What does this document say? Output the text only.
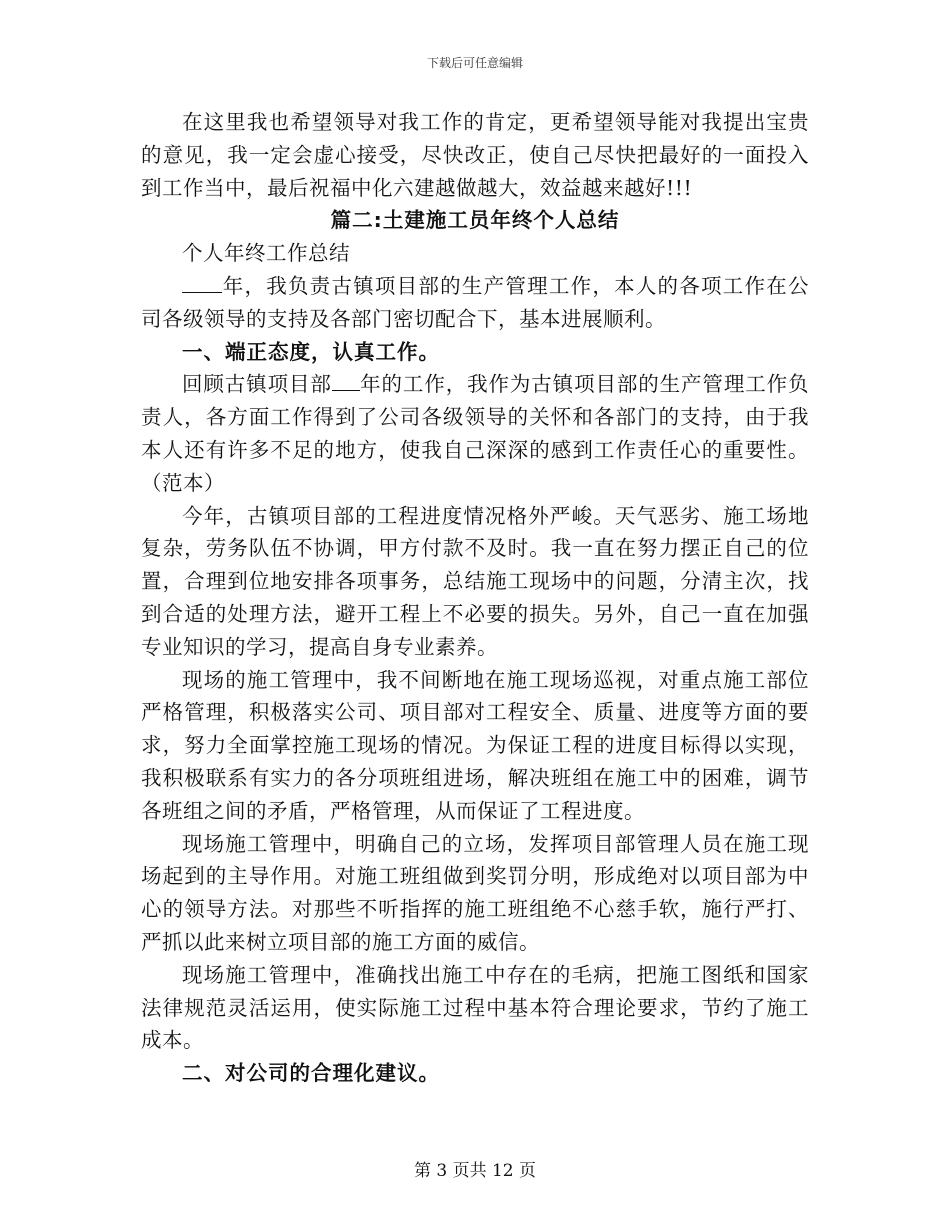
下载后可任意编辑

在这里我也希望领导对我工作的肯定，更希望领导能对我提出宝贵的意见，我一定会虚心接受，尽快改正，使自己尽快把最好的一面投入到工作当中，最后祝福中化六建越做越大，效益越来越好!!!

篇二:土建施工员年终个人总结

个人年终工作总结

年，我负责古镇项目部的生产管理工作，本人的各项工作在公司各级领导的支持及各部门密切配合下，基本进展顺利。

一、端正态度，认真工作。

回顾古镇项目部 年的工作，我作为古镇项目部的生产管理工作负责人，各方面工作得到了公司各级领导的关怀和各部门的支持，由于我本人还有许多不足的地方，使我自己深深的感到工作责任心的重要性。（范本）

今年，古镇项目部的工程进度情况格外严峻。天气恶劣、施工场地复杂，劳务队伍不协调，甲方付款不及时。我一直在努力摆正自己的位置，合理到位地安排各项事务，总结施工现场中的问题，分清主次，找到合适的处理方法，避开工程上不必要的损失。另外，自己一直在加强专业知识的学习，提高自身专业素养。

现场的施工管理中，我不间断地在施工现场巡视，对重点施工部位严格管理，积极落实公司、项目部对工程安全、质量、进度等方面的要求，努力全面掌控施工现场的情况。为保证工程的进度目标得以实现，我积极联系有实力的各分项班组进场，解决班组在施工中的困难，调节各班组之间的矛盾，严格管理，从而保证了工程进度。

现场施工管理中，明确自己的立场，发挥项目部管理人员在施工现场起到的主导作用。对施工班组做到奖罚分明，形成绝对以项目部为中心的领导方法。对那些不听指挥的施工班组绝不心慈手软，施行严打、严抓以此来树立项目部的施工方面的威信。

现场施工管理中，准确找出施工中存在的毛病，把施工图纸和国家法律规范灵活运用，使实际施工过程中基本符合理论要求，节约了施工成本。

二、对公司的合理化建议。

第 3 页共 12 页
